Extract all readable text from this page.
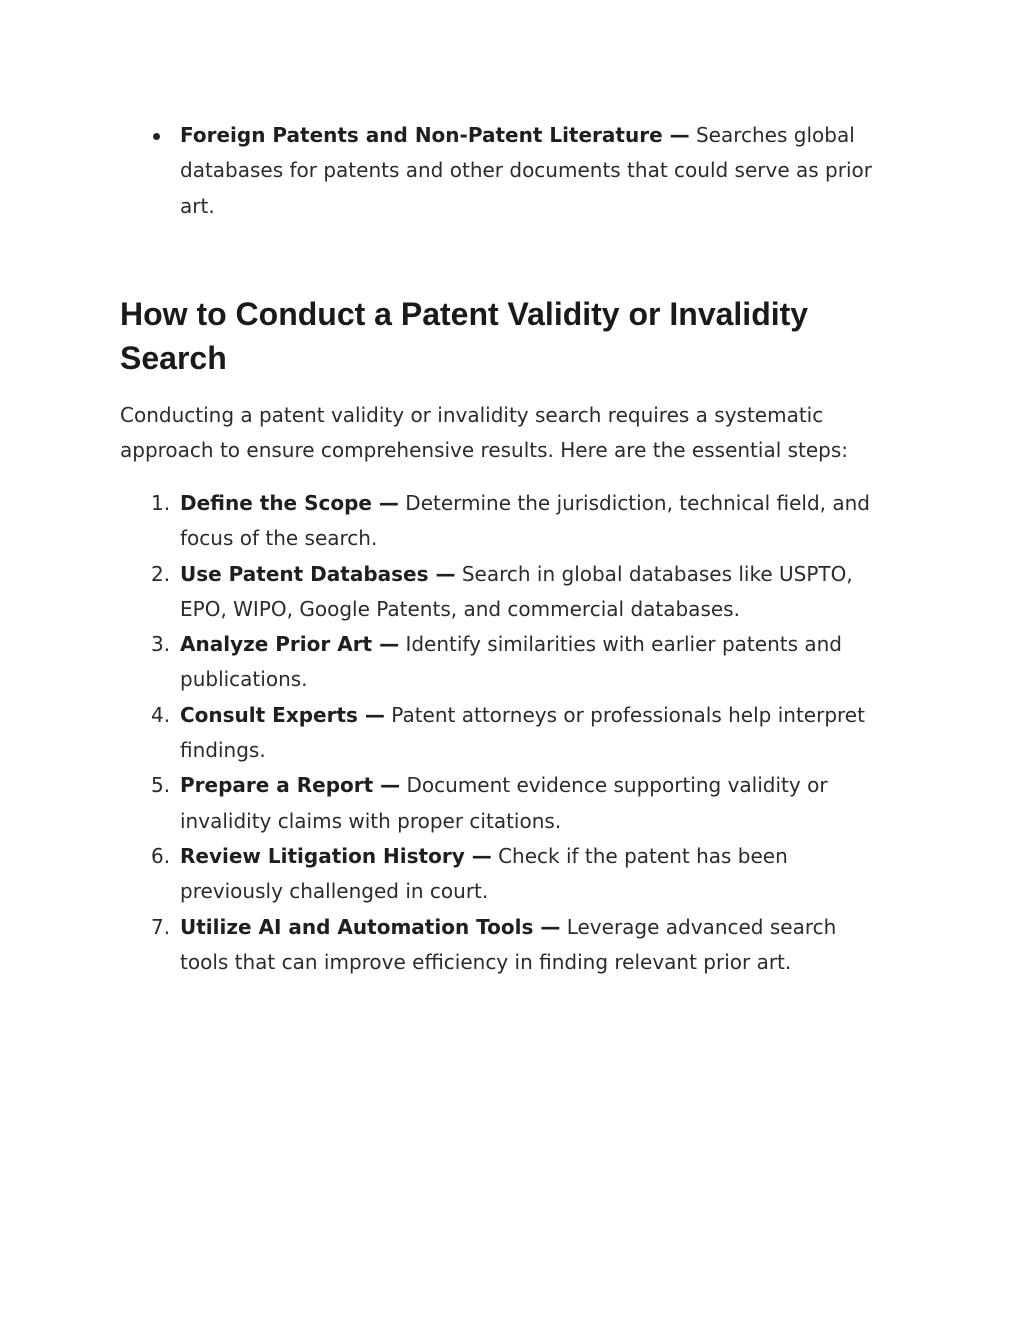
Foreign Patents and Non-Patent Literature — Searches global databases for patents and other documents that could serve as prior art.
How to Conduct a Patent Validity or Invalidity Search

Conducting a patent validity or invalidity search requires a systematic approach to ensure comprehensive results. Here are the essential steps:

1. Define the Scope — Determine the jurisdiction, technical field, and focus of the search.
2. Use Patent Databases — Search in global databases like USPTO, EPO, WIPO, Google Patents, and commercial databases.
3. Analyze Prior Art — Identify similarities with earlier patents and publications.
4. Consult Experts — Patent attorneys or professionals help interpret findings.
5. Prepare a Report — Document evidence supporting validity or invalidity claims with proper citations.
6. Review Litigation History — Check if the patent has been previously challenged in court.
7. Utilize AI and Automation Tools — Leverage advanced search tools that can improve efficiency in finding relevant prior art.
